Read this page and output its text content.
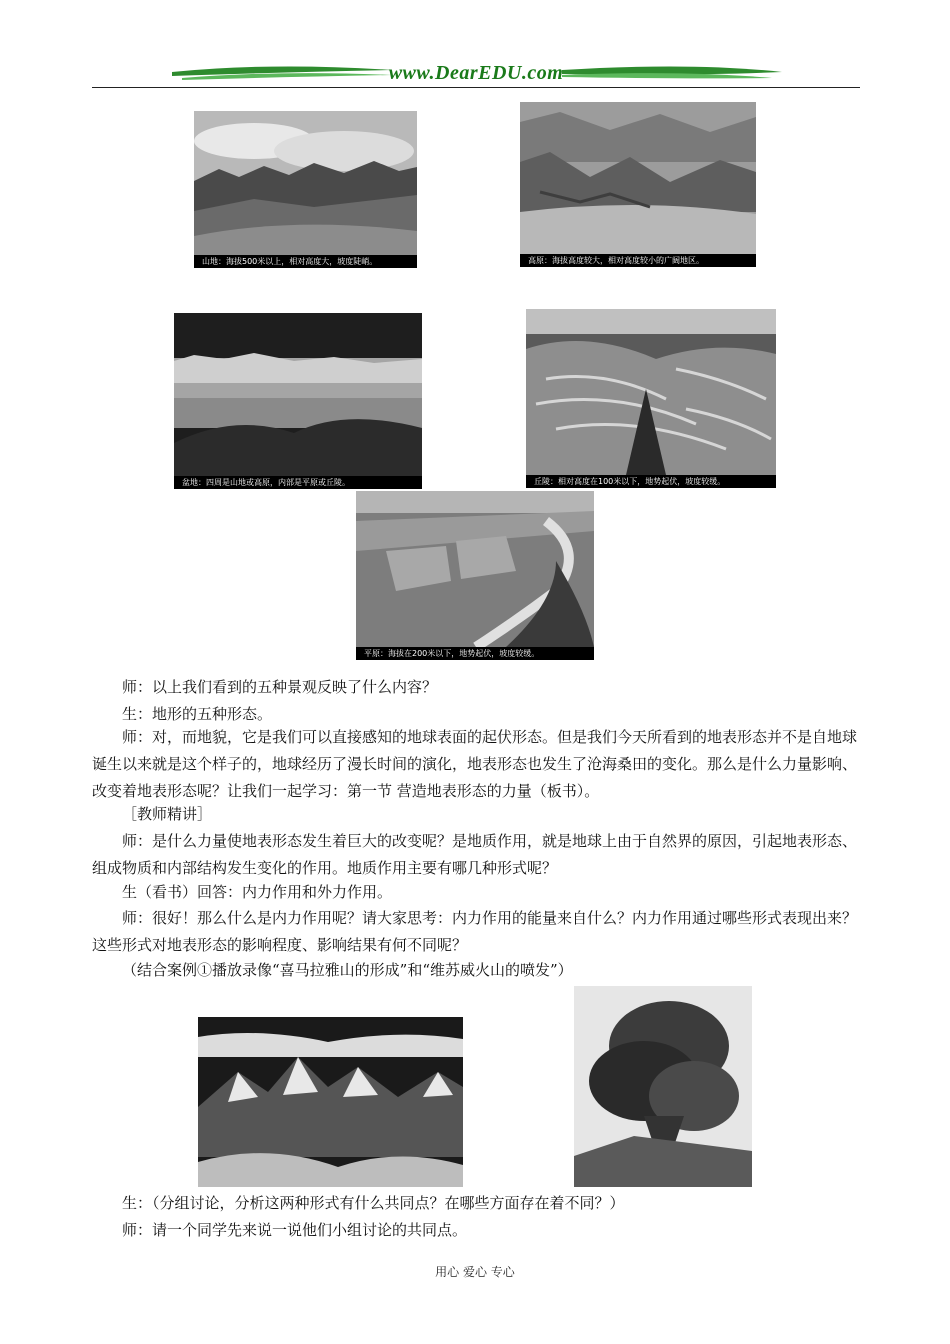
www.DearEDU.com
山地：海拔500米以上，相对高度大，坡度陡峭。	高原：海拔高度较大，相对高度较小的广阔地区。
盆地：四周是山地或高原，内部是平原或丘陵。	丘陵：相对高度在100米以下，地势起伏，坡度较缓。
平原：海拔在200米以下，地势起伏，坡度较缓。

师：以上我们看到的五种景观反映了什么内容？

生：地形的五种形态。

师：对，而地貌，它是我们可以直接感知的地球表面的起伏形态。但是我们今天所看到的地表形态并不是自地球诞生以来就是这个样子的，地球经历了漫长时间的演化，地表形态也发生了沧海桑田的变化。那么是什么力量影响、改变着地表形态呢？让我们一起学习：第一节 营造地表形态的力量（板书）。

［教师精讲］

师：是什么力量使地表形态发生着巨大的改变呢？是地质作用，就是地球上由于自然界的原因，引起地表形态、组成物质和内部结构发生变化的作用。地质作用主要有哪几种形式呢？

生（看书）回答：内力作用和外力作用。

师：很好！那么什么是内力作用呢？请大家思考：内力作用的能量来自什么？内力作用通过哪些形式表现出来？这些形式对地表形态的影响程度、影响结果有何不同呢？

（结合案例①播放录像“喜马拉雅山的形成”和“维苏威火山的喷发”）

生：（分组讨论，分析这两种形式有什么共同点？在哪些方面存在着不同？）

师：请一个同学先来说一说他们小组讨论的共同点。

用心 爱心 专心
